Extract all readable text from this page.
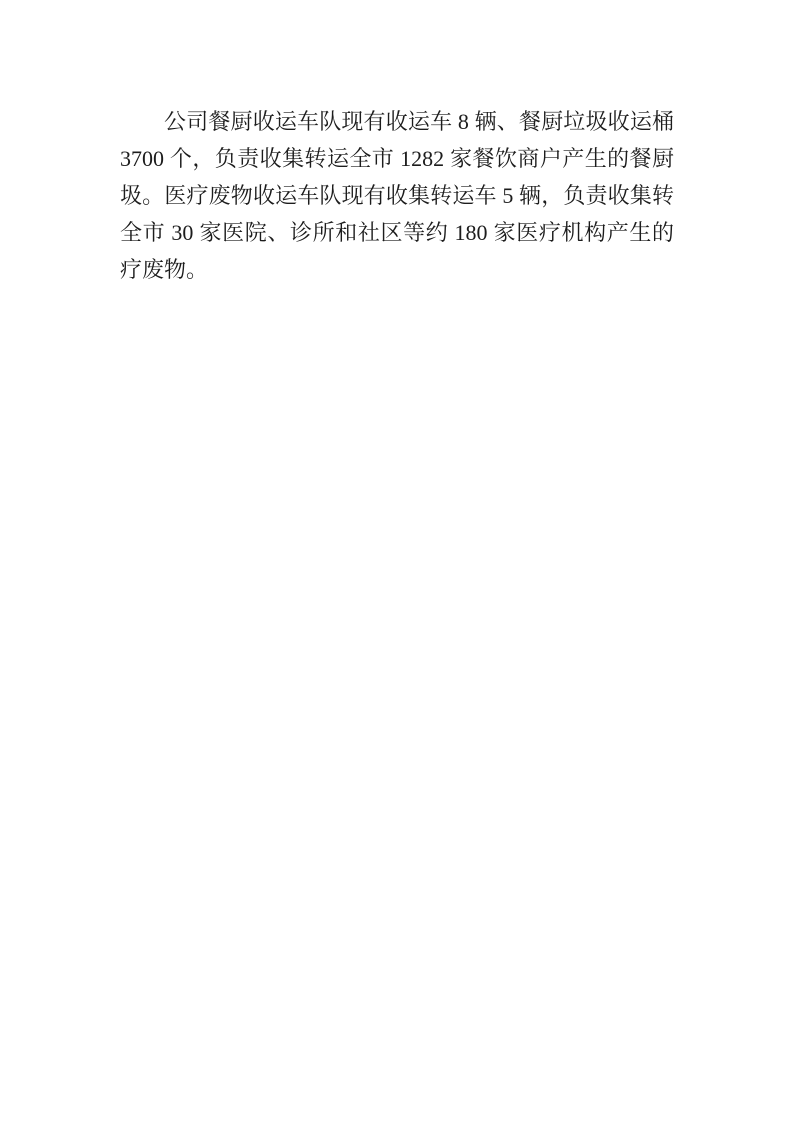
公司餐厨收运车队现有收运车 8 辆、餐厨垃圾收运桶
3700 个，负责收集转运全市 1282 家餐饮商户产生的餐厨
圾。医疗废物收运车队现有收集转运车 5 辆，负责收集转
全市 30 家医院、诊所和社区等约 180 家医疗机构产生的
疗废物。
